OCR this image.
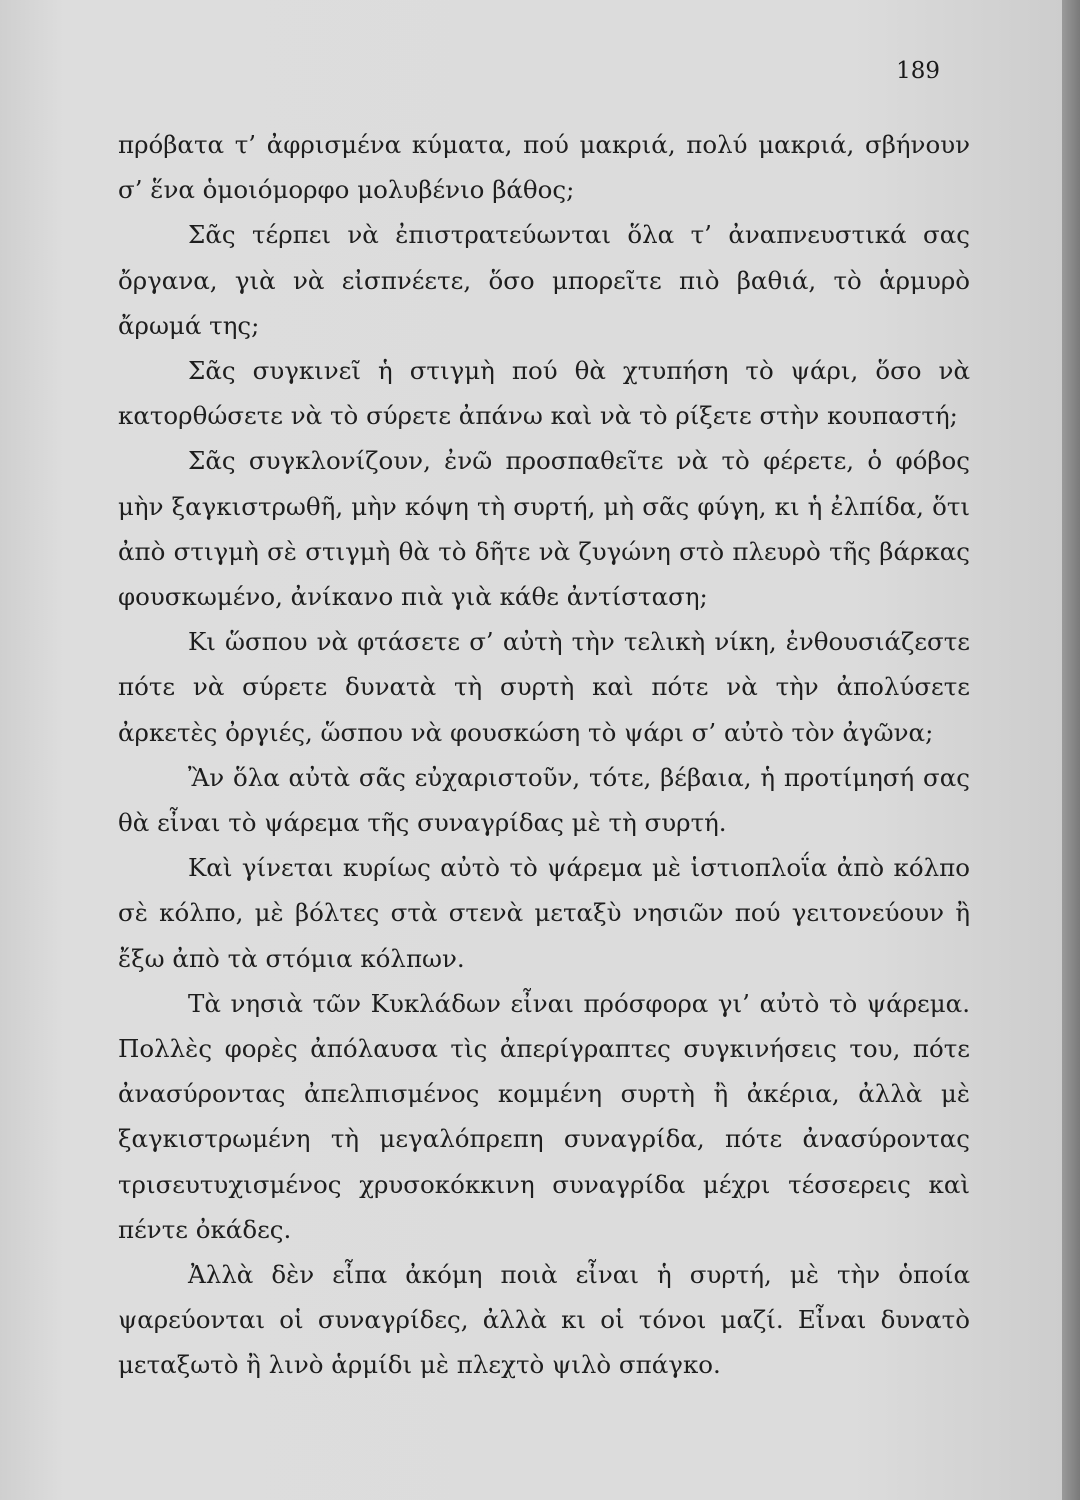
189

πρόβατα τ’ ἀφρισμένα κύματα, πού μακριά, πολύ μακριά, σβήνουν σ’ ἕνα ὁμοιόμορφο μολυβένιο βάθος;

Σᾶς τέρπει νὰ ἐπιστρατεύωνται ὅλα τ’ ἀναπνευστικά σας ὄργανα, γιὰ νὰ εἰσπνέετε, ὅσο μπορεῖτε πιὸ βαθιά, τὸ ἁρμυρὸ ἄρωμά της;

Σᾶς συγκινεῖ ἡ στιγμὴ πού θὰ χτυπήση τὸ ψάρι, ὅσο νὰ κατορθώσετε νὰ τὸ σύρετε ἀπάνω καὶ νὰ τὸ ρίξετε στὴν κουπαστή;

Σᾶς συγκλονίζουν, ἐνῶ προσπαθεῖτε νὰ τὸ φέρετε, ὁ φόβος μὴν ξαγκιστρωθῆ, μὴν κόψη τὴ συρτή, μὴ σᾶς φύγη, κι ἡ ἐλπίδα, ὅτι ἀπὸ στιγμὴ σὲ στιγμὴ θὰ τὸ δῆτε νὰ ζυγώνη στὸ πλευρὸ τῆς βάρκας φουσκωμένο, ἀνίκανο πιὰ γιὰ κάθε ἀντίσταση;

Κι ὥσπου νὰ φτάσετε σ’ αὐτὴ τὴν τελικὴ νίκη, ἐνθουσιάζεστε πότε νὰ σύρετε δυνατὰ τὴ συρτὴ καὶ πότε νὰ τὴν ἀπολύσετε ἀρκετὲς ὀργιές, ὥσπου νὰ φουσκώση τὸ ψάρι σ’ αὐτὸ τὸν ἀγῶνα;

Ἂν ὅλα αὐτὰ σᾶς εὐχαριστοῦν, τότε, βέβαια, ἡ προτίμησή σας θὰ εἶναι τὸ ψάρεμα τῆς συναγρίδας μὲ τὴ συρτή.

Καὶ γίνεται κυρίως αὐτὸ τὸ ψάρεμα μὲ ἱστιοπλοΐα ἀπὸ κόλπο σὲ κόλπο, μὲ βόλτες στὰ στενὰ μεταξὺ νησιῶν πού γειτονεύουν ἢ ἔξω ἀπὸ τὰ στόμια κόλπων.

Τὰ νησιὰ τῶν Κυκλάδων εἶναι πρόσφορα γι’ αὐτὸ τὸ ψάρεμα. Πολλὲς φορὲς ἀπόλαυσα τὶς ἀπερίγραπτες συγκινήσεις του, πότε ἀνασύροντας ἀπελπισμένος κομμένη συρτὴ ἢ ἀκέρια, ἀλλὰ μὲ ξαγκιστρωμένη τὴ μεγαλόπρεπη συναγρίδα, πότε ἀνασύροντας τρισευτυχισμένος χρυσοκόκκινη συναγρίδα μέχρι τέσσερεις καὶ πέντε ὀκάδες.

Ἀλλὰ δὲν εἶπα ἀκόμη ποιὰ εἶναι ἡ συρτή, μὲ τὴν ὁποία ψαρεύονται οἱ συναγρίδες, ἀλλὰ κι οἱ τόνοι μαζί. Εἶναι δυνατὸ μεταξωτὸ ἢ λινὸ ἁρμίδι μὲ πλεχτὸ ψιλὸ σπάγκο.
